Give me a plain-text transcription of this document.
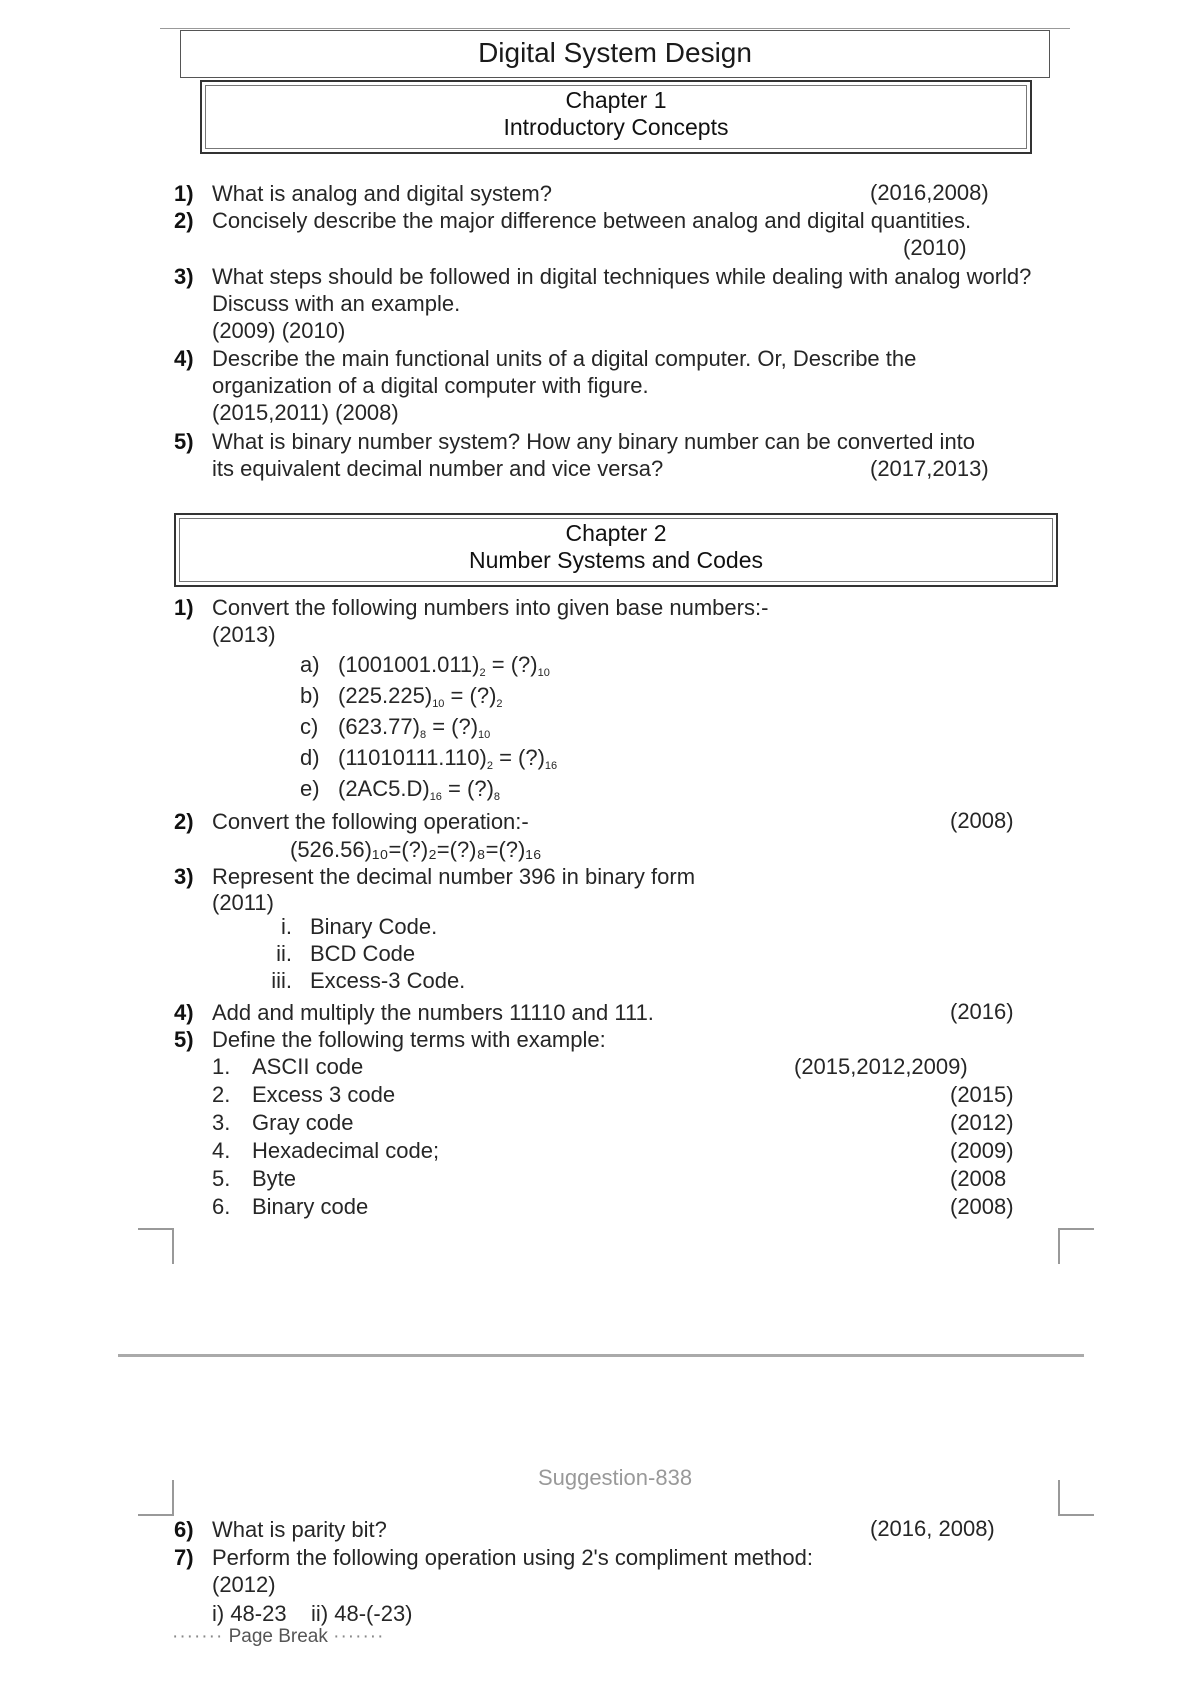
Digital System Design
Chapter 1
Introductory Concepts
1) What is analog and digital system?	(2016,2008)
2) Concisely describe the major difference between analog and digital quantities.
(2010)
3) What steps should be followed in digital techniques while dealing with analog world? Discuss with an example.
(2009) (2010)
4) Describe the main functional units of a digital computer. Or, Describe the organization of a digital computer with figure.
(2015,2011) (2008)
5) What is binary number system? How any binary number can be converted into
its equivalent decimal number and vice versa?	(2017,2013)
Chapter 2
Number Systems and Codes
1) Convert the following numbers into given base numbers:-
(2013)
a) $(1001001.011)_2$ = $(?)_{10}$
b) $(225.225)_{10}$ = $(?)_2$
c) $(623.77)_8$ = $(?)_{10}$
d) $(11010111.110)_2$ = $(?)_{16}$
e) $(2AC5.D)_{16}$ = $(?)_8$
2) Convert the following operation:-	(2008)
(526.56)₁₀=(?)₂=(?)₈=(?)₁₆
3) Represent the decimal number 396 in binary form
(2011)
i. Binary Code.
ii. BCD Code
iii. Excess-3 Code.
4) Add and multiply the numbers 11110 and 111.	(2016)
5) Define the following terms with example:
1. ASCII code	(2015,2012,2009)
2. Excess 3 code	(2015)
3. Gray code	(2012)
4. Hexadecimal code;	(2009)
5. Byte	(2008
6. Binary code	(2008)
Suggestion-838
6) What is parity bit?	(2016, 2008)
7) Perform the following operation using 2's compliment method:
(2012)
i) 48-23    ii) 48-(-23)
······· Page Break ·······
